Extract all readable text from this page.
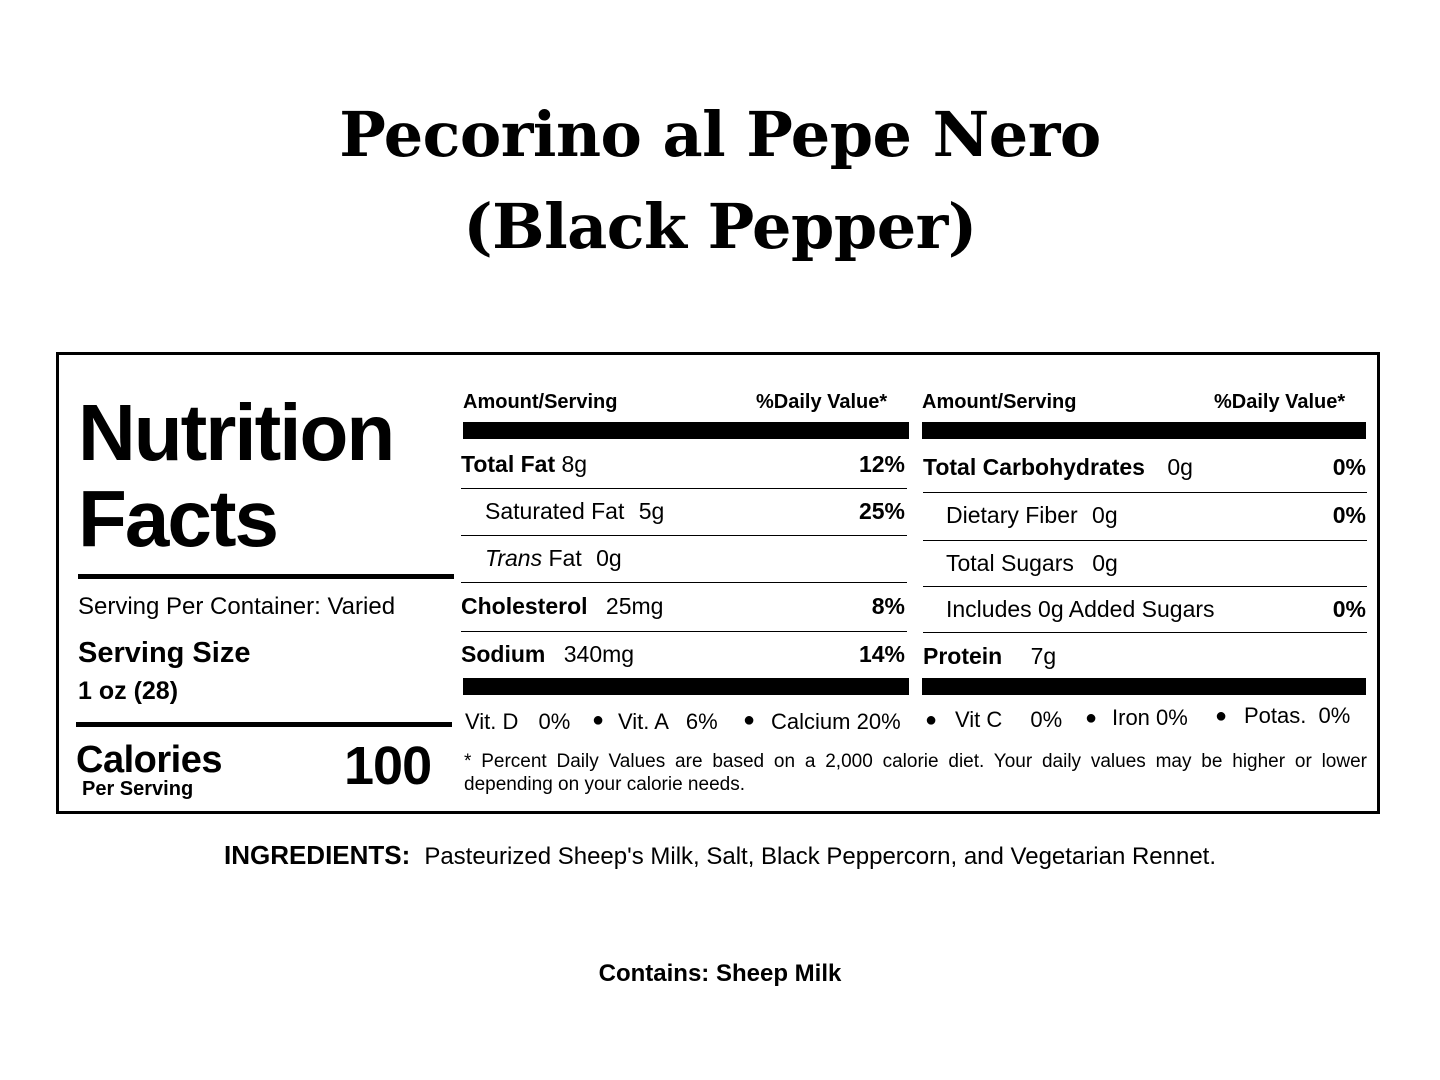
Pecorino al Pepe Nero
(Black Pepper)
Nutrition
Facts
Serving Per Container: Varied
Serving Size
1 oz (28)
Calories
Per Serving	100
Amount/Serving	%Daily Value*
Total Fat 8g	12%
Saturated Fat 5g	25%
Trans Fat 0g
Cholesterol 25mg	8%
Sodium 340mg	14%
Amount/Serving	%Daily Value*
Total Carbohydrates 0g	0%
Dietary Fiber 0g	0%
Total Sugars 0g
Includes 0g Added Sugars	0%
Protein 7g
Vit. D 0% ● Vit. A 6% ● Calcium 20% ● Vit C 0% ● Iron 0% ● Potas. 0%
* Percent Daily Values are based on a 2,000 calorie diet. Your daily values may be higher or lower depending on your calorie needs.
INGREDIENTS: Pasteurized Sheep's Milk, Salt, Black Peppercorn, and Vegetarian Rennet.
Contains: Sheep Milk
